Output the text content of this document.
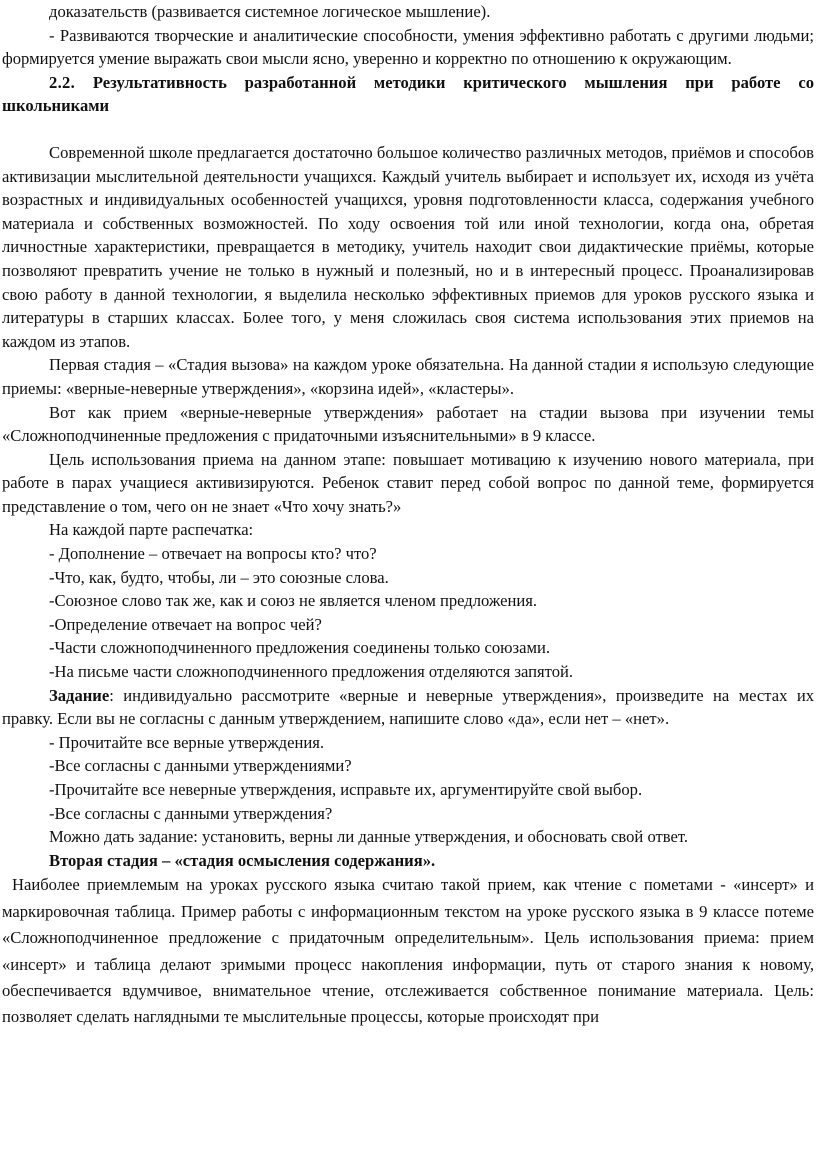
доказательств (развивается системное логическое мышление).

- Развиваются творческие и аналитические способности, умения эффективно работать с другими людьми; формируется умение выражать свои мысли ясно, уверенно и корректно по отношению к окружающим.

2.2. Результативность разработанной методики критического мышления при работе со школьниками

Современной школе предлагается достаточно большое количество различных методов, приёмов и способов активизации мыслительной деятельности учащихся. Каждый учитель выбирает и использует их, исходя из учёта возрастных и индивидуальных особенностей учащихся, уровня подготовленности класса, содержания учебного материала и собственных возможностей. По ходу освоения той или иной технологии, когда она, обретая личностные характеристики, превращается в методику, учитель находит свои дидактические приёмы, которые позволяют превратить учение не только в нужный и полезный, но и в интересный процесс. Проанализировав свою работу в данной технологии, я выделила несколько эффективных приемов для уроков русского языка и литературы в старших классах. Более того, у меня сложилась своя система использования этих приемов на каждом из этапов.

Первая стадия – «Стадия вызова» на каждом уроке обязательна. На данной стадии я использую следующие приемы: «верные-неверные утверждения», «корзина идей», «кластеры».

Вот как прием «верные-неверные утверждения» работает на стадии вызова при изучении темы «Сложноподчиненные предложения с придаточными изъяснительными» в 9 классе.

Цель использования приема на данном этапе: повышает мотивацию к изучению нового материала, при работе в парах учащиеся активизируются. Ребенок ставит перед собой вопрос по данной теме, формируется представление о том, чего он не знает «Что хочу знать?»

На каждой парте распечатка:

- Дополнение – отвечает на вопросы кто? что?

-Что, как, будто, чтобы, ли – это союзные слова.

-Союзное слово так же, как и союз не является членом предложения.

-Определение отвечает на вопрос чей?

-Части сложноподчиненного предложения соединены только союзами.

-На письме части сложноподчиненного предложения отделяются запятой.

Задание: индивидуально рассмотрите «верные и неверные утверждения», произведите на местах их правку. Если вы не согласны с данным утверждением, напишите слово «да», если нет – «нет».

- Прочитайте все верные утверждения.

-Все согласны с данными утверждениями?

-Прочитайте все неверные утверждения, исправьте их, аргументируйте свой выбор.

-Все согласны с данными утверждения?

Можно дать задание: установить, верны ли данные утверждения, и обосновать свой ответ.

Вторая стадия – «стадия осмысления содержания».

Наиболее приемлемым на уроках русского языка считаю такой прием, как чтение с пометами - «инсерт» и маркировочная таблица. Пример работы с информационным текстом на уроке русского языка в 9 классе потеме «Сложноподчиненное предложение с придаточным определительным». Цель использования приема: прием «инсерт» и таблица делают зримыми процесс накопления информации, путь от старого знания к новому, обеспечивается вдумчивое, внимательное чтение, отслеживается собственное понимание материала. Цель: позволяет сделать наглядными те мыслительные процессы, которые происходят при
